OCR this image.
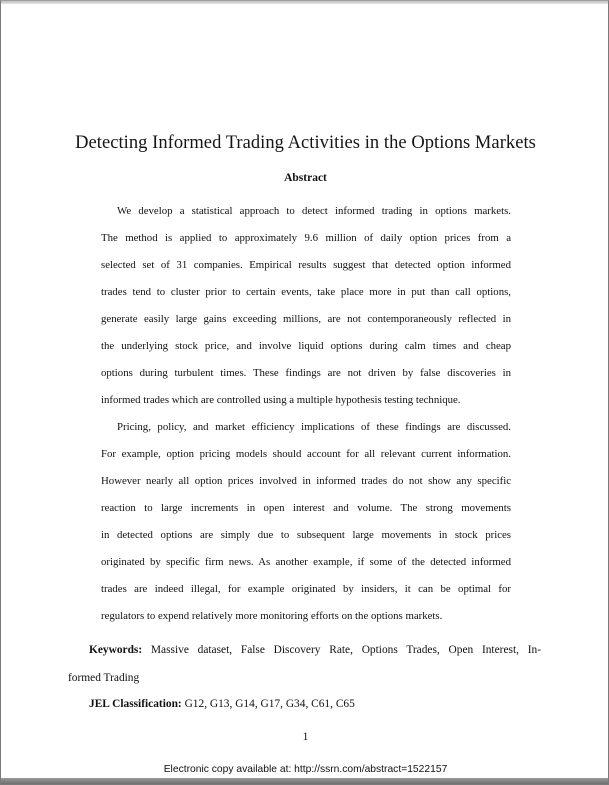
Detecting Informed Trading Activities in the Options Markets
Abstract
We develop a statistical approach to detect informed trading in options markets.
The method is applied to approximately 9.6 million of daily option prices from a
selected set of 31 companies. Empirical results suggest that detected option informed
trades tend to cluster prior to certain events, take place more in put than call options,
generate easily large gains exceeding millions, are not contemporaneously reflected in
the underlying stock price, and involve liquid options during calm times and cheap
options during turbulent times. These findings are not driven by false discoveries in
informed trades which are controlled using a multiple hypothesis testing technique.
Pricing, policy, and market efficiency implications of these findings are discussed.
For example, option pricing models should account for all relevant current information.
However nearly all option prices involved in informed trades do not show any specific
reaction to large increments in open interest and volume. The strong movements
in detected options are simply due to subsequent large movements in stock prices
originated by specific firm news. As another example, if some of the detected informed
trades are indeed illegal, for example originated by insiders, it can be optimal for
regulators to expend relatively more monitoring efforts on the options markets.
Keywords: Massive dataset, False Discovery Rate, Options Trades, Open Interest, In-
formed Trading
JEL Classification: G12, G13, G14, G17, G34, C61, C65
1
Electronic copy available at: http://ssrn.com/abstract=1522157
